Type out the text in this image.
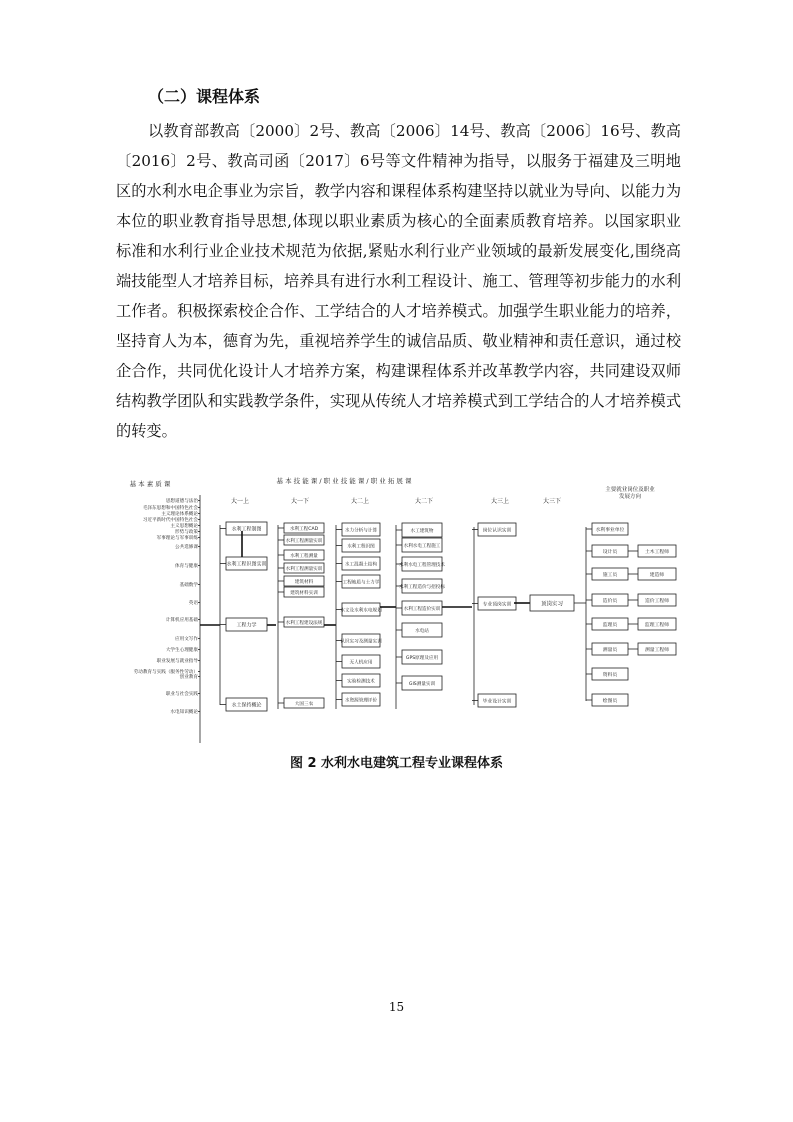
（二）课程体系

以教育部教高〔2000〕2号、教高〔2006〕14号、教高〔2006〕16号、教高〔2016〕2号、教高司函〔2017〕6号等文件精神为指导，以服务于福建及三明地区的水利水电企事业为宗旨，教学内容和课程体系构建坚持以就业为导向、以能力为本位的职业教育指导思想,体现以职业素质为核心的全面素质教育培养。以国家职业标准和水利行业企业技术规范为依据,紧贴水利行业产业领域的最新发展变化,围绕高端技能型人才培养目标，培养具有进行水利工程设计、施工、管理等初步能力的水利工作者。积极探索校企合作、工学结合的人才培养模式。加强学生职业能力的培养，坚持育人为本，德育为先，重视培养学生的诚信品质、敬业精神和责任意识，通过校企合作，共同优化设计人才培养方案，构建课程体系并改革教学内容，共同建设双师结构教学团队和实践教学条件，实现从传统人才培养模式到工学结合的人才培养模式的转变。

基 本 素 质 课	基 本 技 能 课 / 职 业 技 能 课 / 职 业 拓 展 课
主要就业岗位及职业
发展方向
大一上	大一下	大二上	大二下	大三上	大三下
思想道德与法治
毛泽东思想和中国特色社会
主义理论体系概论
习近平新时代中国特色社会
主义思想概论
形势与政策
军事理论与军事训练
公共选修课
体育与健康
基础数学
英语
计算机应用基础
应用文写作
大学生心理健康
职业发展与就业指导
劳动教育与实践（服务性劳动）
创业教育
职业与社会实践
水电知识概论
水利工程制图
水利工程识图实训
工程力学
水土保持概论
水利工程CAD
水利工程测量实训
水利工程测量
水利工程测量实训
建筑材料
建筑材料实训
水利工程建设法规
大国三农
水力分析与计算
水利工程识图
水工混凝土结构
工程地质与土力学
水文及水利水电规划
认识实习及测量实训
无人机应用
实验检测技术
水资源管理评价
水工建筑物
水利水电工程施工
水利水电工程管理技术
水利工程造价与招投标
水利工程造价实训
水电站
GPS原理及应用
GIS测量实训
岗位认识实训
专业顶岗实训
毕业设计实训
顶岗实习
水利事业单位
设计员
施工员
造价员
监理员
测量员
资料员
绘图员
土木工程师
建造师
造价工程师
监理工程师
测量工程师
图 2 水利水电建筑工程专业课程体系
15
